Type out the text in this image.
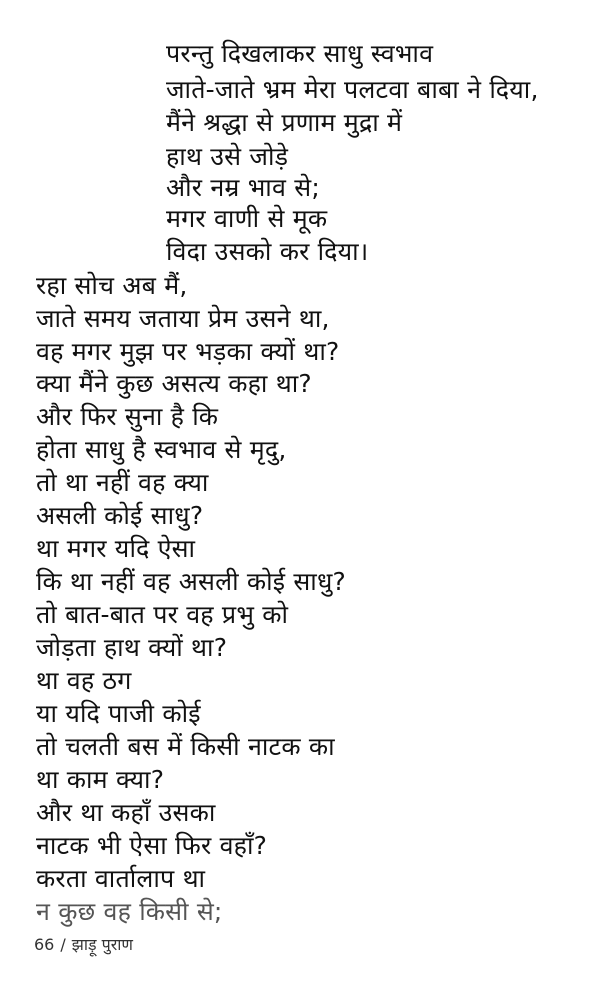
परन्तु दिखलाकर साधु स्वभाव
जाते-जाते भ्रम मेरा पलटवा बाबा ने दिया,
मैंने श्रद्धा से प्रणाम मुद्रा में
हाथ उसे जोड़े
और नम्र भाव से;
मगर वाणी से मूक
विदा उसको कर दिया।
रहा सोच अब मैं,
जाते समय जताया प्रेम उसने था,
वह मगर मुझ पर भड़का क्यों था?
क्या मैंने कुछ असत्य कहा था?
और फिर सुना है कि
होता साधु है स्वभाव से मृदु,
तो था नहीं वह क्या
असली कोई साधु?
था मगर यदि ऐसा
कि था नहीं वह असली कोई साधु?
तो बात-बात पर वह प्रभु को
जोड़ता हाथ क्यों था?
था वह ठग
या यदि पाजी कोई
तो चलती बस में किसी नाटक का
था काम क्या?
और था कहाँ उसका
नाटक भी ऐसा फिर वहाँ?
करता वार्तालाप था
न कुछ वह किसी से;
66 / झाड़ू पुराण
